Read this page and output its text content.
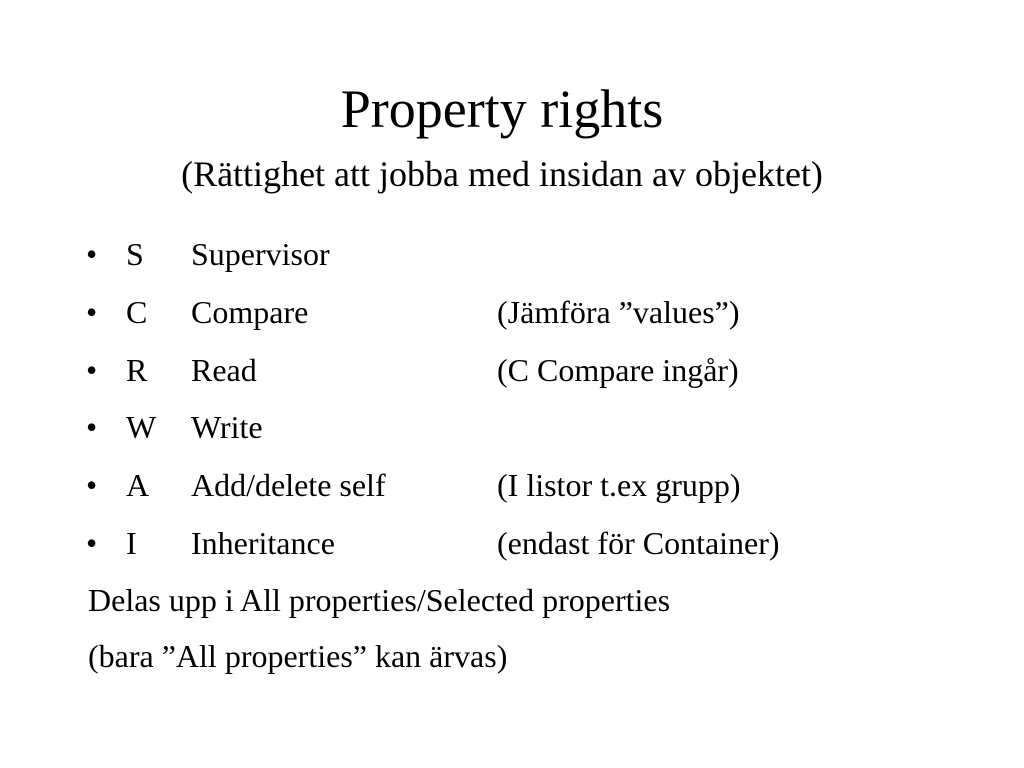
Property rights
(Rättighet att jobba med insidan av objektet)
• S Supervisor
• C Compare	(Jämföra ”values”)
• R Read	(C Compare ingår)
• W Write
• A Add/delete self	(I listor t.ex grupp)
• I Inheritance	(endast för Container)
Delas upp i All properties/Selected properties
(bara ”All properties” kan ärvas)
